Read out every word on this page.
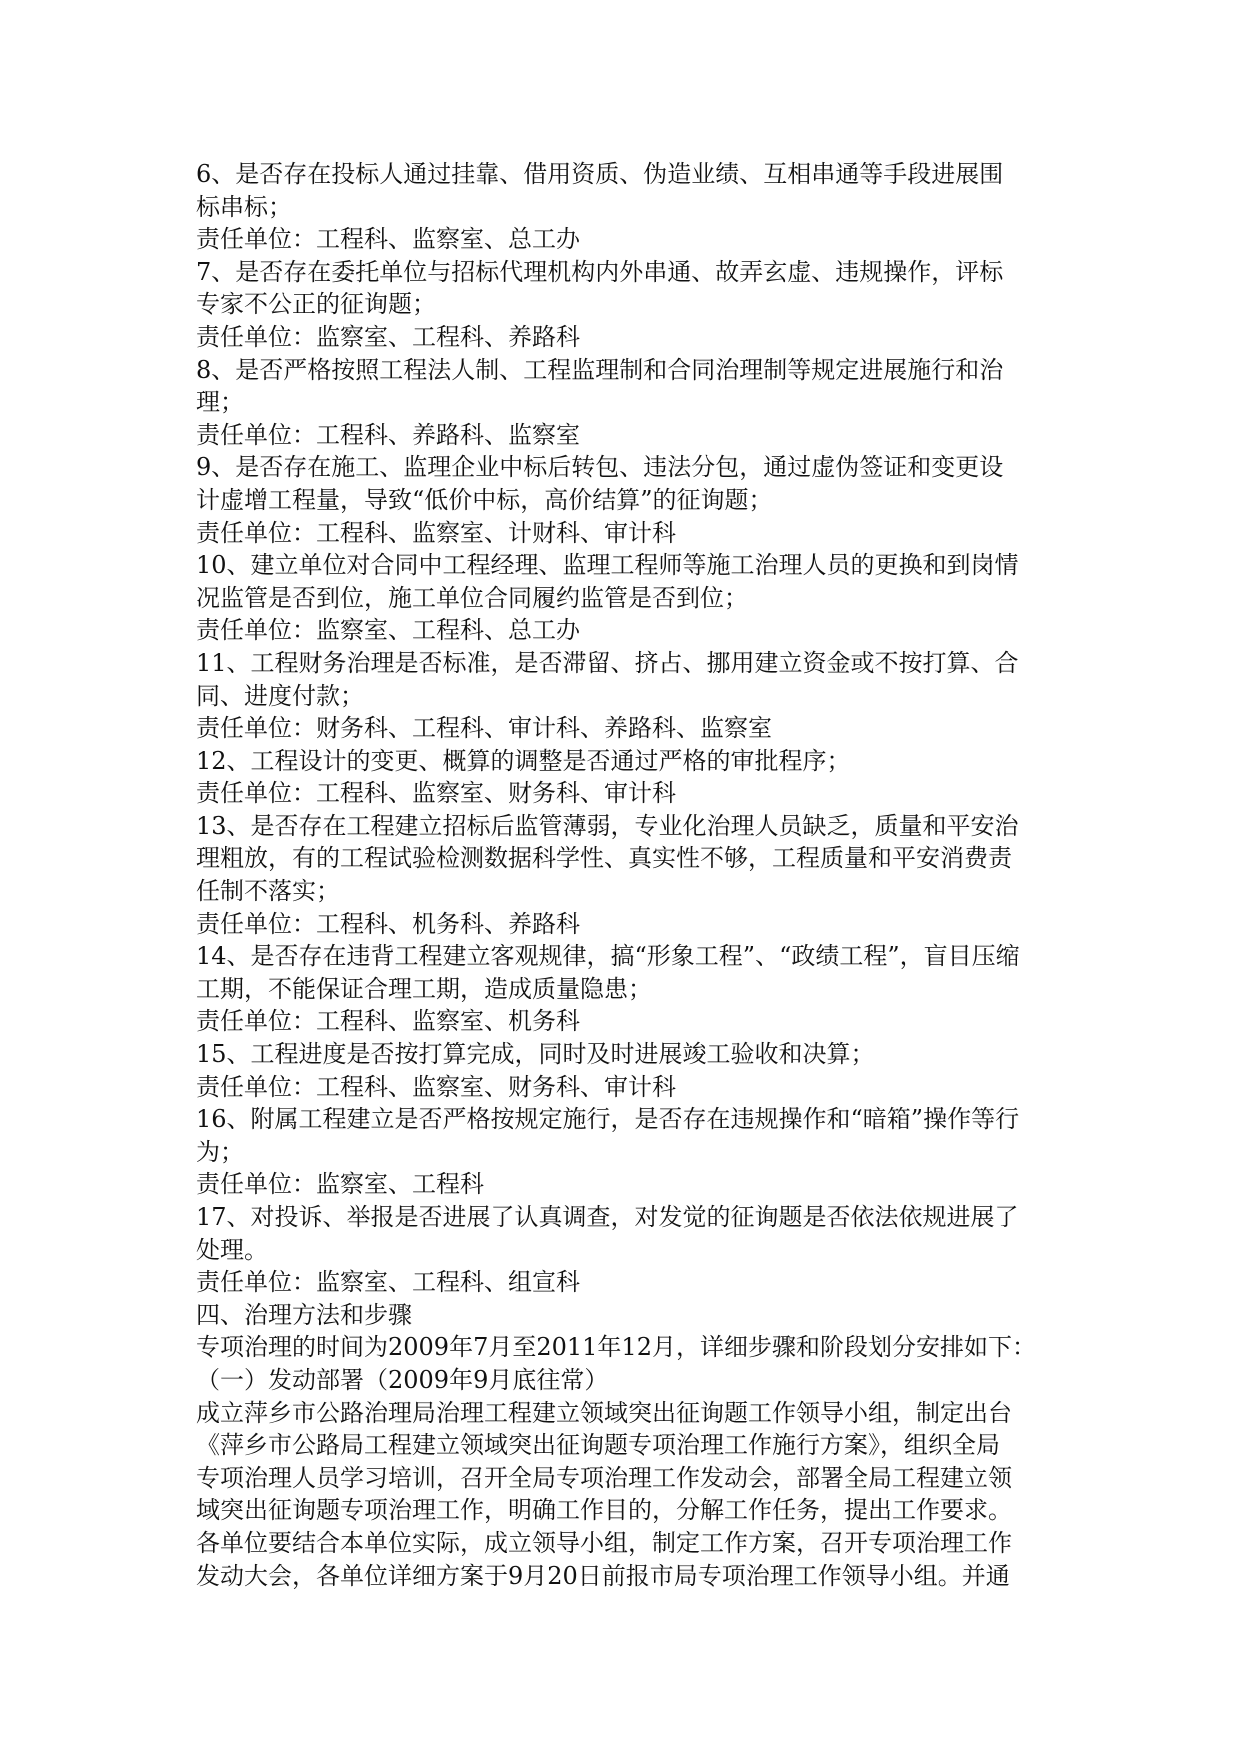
6、是否存在投标人通过挂靠、借用资质、伪造业绩、互相串通等手段进展围

标串标；

责任单位：工程科、监察室、总工办

7、是否存在委托单位与招标代理机构内外串通、故弄玄虚、违规操作，评标

专家不公正的征询题；

责任单位：监察室、工程科、养路科

8、是否严格按照工程法人制、工程监理制和合同治理制等规定进展施行和治

理；

责任单位：工程科、养路科、监察室

9、是否存在施工、监理企业中标后转包、违法分包，通过虚伪签证和变更设

计虚增工程量，导致“低价中标，高价结算”的征询题；

责任单位：工程科、监察室、计财科、审计科

10、建立单位对合同中工程经理、监理工程师等施工治理人员的更换和到岗情

况监管是否到位，施工单位合同履约监管是否到位；

责任单位：监察室、工程科、总工办

11、工程财务治理是否标准，是否滞留、挤占、挪用建立资金或不按打算、合

同、进度付款；

责任单位：财务科、工程科、审计科、养路科、监察室

12、工程设计的变更、概算的调整是否通过严格的审批程序；

责任单位：工程科、监察室、财务科、审计科

13、是否存在工程建立招标后监管薄弱，专业化治理人员缺乏，质量和平安治

理粗放，有的工程试验检测数据科学性、真实性不够，工程质量和平安消费责

任制不落实；

责任单位：工程科、机务科、养路科

14、是否存在违背工程建立客观规律，搞“形象工程”、“政绩工程”，盲目压缩

工期，不能保证合理工期，造成质量隐患；

责任单位：工程科、监察室、机务科

15、工程进度是否按打算完成，同时及时进展竣工验收和决算；

责任单位：工程科、监察室、财务科、审计科

16、附属工程建立是否严格按规定施行，是否存在违规操作和“暗箱”操作等行

为；

责任单位：监察室、工程科

17、对投诉、举报是否进展了认真调查，对发觉的征询题是否依法依规进展了

处理。

责任单位：监察室、工程科、组宣科

四、治理方法和步骤

专项治理的时间为2009年7月至2011年12月，详细步骤和阶段划分安排如下：

（一）发动部署（2009年9月底往常）

成立萍乡市公路治理局治理工程建立领域突出征询题工作领导小组，制定出台

《萍乡市公路局工程建立领域突出征询题专项治理工作施行方案》，组织全局

专项治理人员学习培训，召开全局专项治理工作发动会，部署全局工程建立领

域突出征询题专项治理工作，明确工作目的，分解工作任务，提出工作要求。

各单位要结合本单位实际，成立领导小组，制定工作方案，召开专项治理工作

发动大会，各单位详细方案于9月20日前报市局专项治理工作领导小组。并通
